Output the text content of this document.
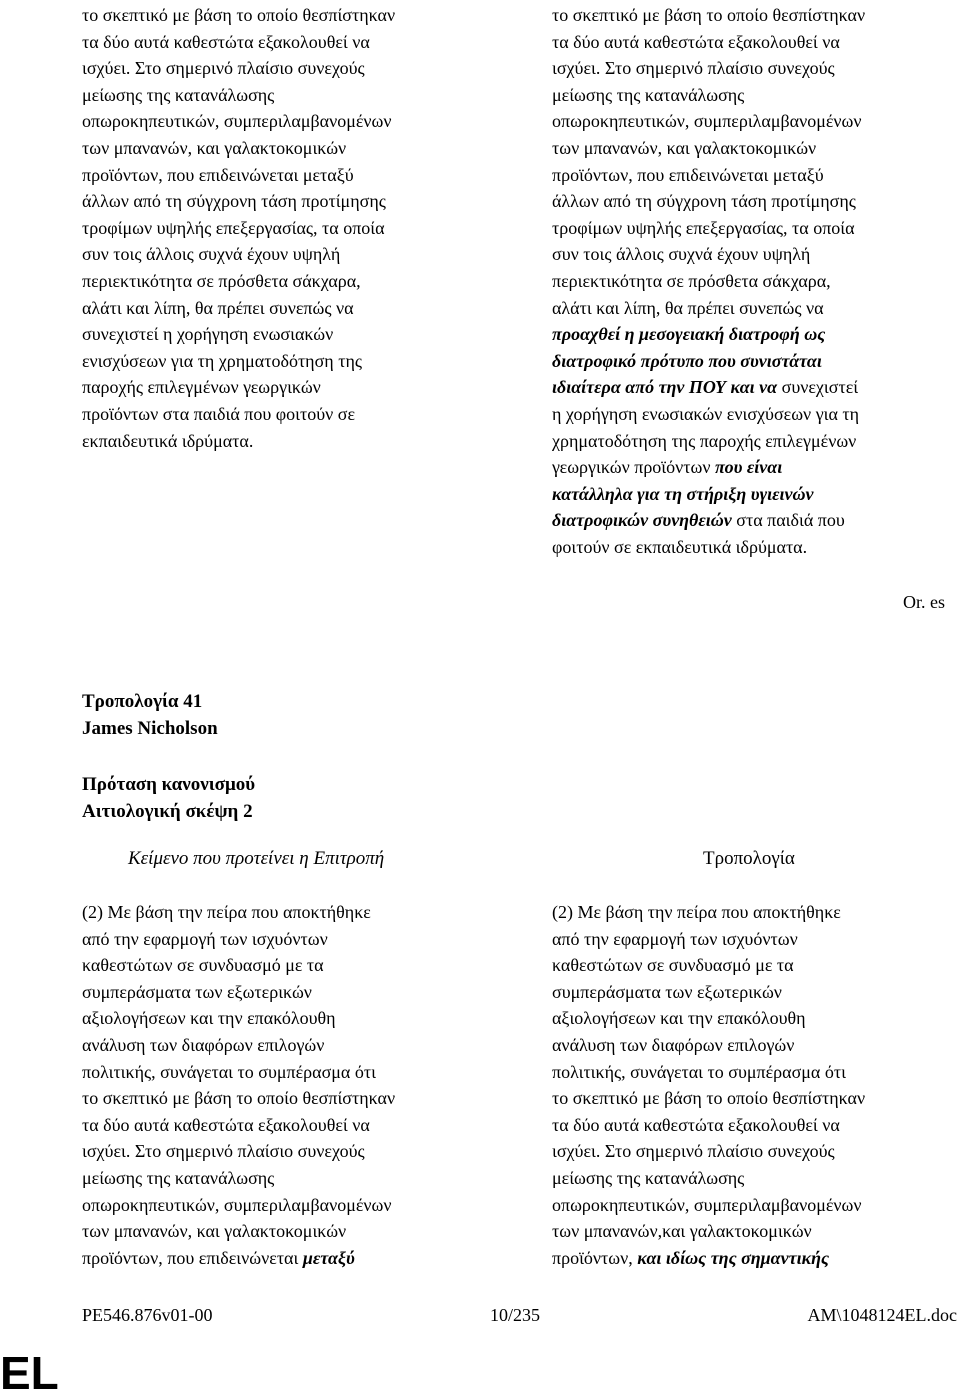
το σκεπτικό με βάση το οποίο θεσπίστηκαν
τα δύο αυτά καθεστώτα εξακολουθεί να
ισχύει. Στο σημερινό πλαίσιο συνεχούς
μείωσης της κατανάλωσης
οπωροκηπευτικών, συμπεριλαμβανομένων
των μπανανών, και γαλακτοκομικών
προϊόντων, που επιδεινώνεται μεταξύ
άλλων από τη σύγχρονη τάση προτίμησης
τροφίμων υψηλής επεξεργασίας, τα οποία
συν τοις άλλοις συχνά έχουν υψηλή
περιεκτικότητα σε πρόσθετα σάκχαρα,
αλάτι και λίπη, θα πρέπει συνεπώς να
συνεχιστεί η χορήγηση ενωσιακών
ενισχύσεων για τη χρηματοδότηση της
παροχής επιλεγμένων γεωργικών
προϊόντων στα παιδιά που φοιτούν σε
εκπαιδευτικά ιδρύματα.
το σκεπτικό με βάση το οποίο θεσπίστηκαν
τα δύο αυτά καθεστώτα εξακολουθεί να
ισχύει. Στο σημερινό πλαίσιο συνεχούς
μείωσης της κατανάλωσης
οπωροκηπευτικών, συμπεριλαμβανομένων
των μπανανών, και γαλακτοκομικών
προϊόντων, που επιδεινώνεται μεταξύ
άλλων από τη σύγχρονη τάση προτίμησης
τροφίμων υψηλής επεξεργασίας, τα οποία
συν τοις άλλοις συχνά έχουν υψηλή
περιεκτικότητα σε πρόσθετα σάκχαρα,
αλάτι και λίπη, θα πρέπει συνεπώς να
προαχθεί η μεσογειακή διατροφή ως
διατροφικό πρότυπο που συνιστάται
ιδιαίτερα από την ΠΟΥ και να συνεχιστεί
η χορήγηση ενωσιακών ενισχύσεων για τη
χρηματοδότηση της παροχής επιλεγμένων
γεωργικών προϊόντων που είναι
κατάλληλα για τη στήριξη υγιεινών
διατροφικών συνηθειών στα παιδιά που
φοιτούν σε εκπαιδευτικά ιδρύματα.
Or. es
Τροπολογία 41
James Nicholson
Πρόταση κανονισμού
Αιτιολογική σκέψη 2
Κείμενο που προτείνει η Επιτροπή	Τροπολογία
(2) Με βάση την πείρα που αποκτήθηκε
από την εφαρμογή των ισχυόντων
καθεστώτων σε συνδυασμό με τα
συμπεράσματα των εξωτερικών
αξιολογήσεων και την επακόλουθη
ανάλυση των διαφόρων επιλογών
πολιτικής, συνάγεται το συμπέρασμα ότι
το σκεπτικό με βάση το οποίο θεσπίστηκαν
τα δύο αυτά καθεστώτα εξακολουθεί να
ισχύει. Στο σημερινό πλαίσιο συνεχούς
μείωσης της κατανάλωσης
οπωροκηπευτικών, συμπεριλαμβανομένων
των μπανανών, και γαλακτοκομικών
προϊόντων, που επιδεινώνεται μεταξύ
(2) Με βάση την πείρα που αποκτήθηκε
από την εφαρμογή των ισχυόντων
καθεστώτων σε συνδυασμό με τα
συμπεράσματα των εξωτερικών
αξιολογήσεων και την επακόλουθη
ανάλυση των διαφόρων επιλογών
πολιτικής, συνάγεται το συμπέρασμα ότι
το σκεπτικό με βάση το οποίο θεσπίστηκαν
τα δύο αυτά καθεστώτα εξακολουθεί να
ισχύει. Στο σημερινό πλαίσιο συνεχούς
μείωσης της κατανάλωσης
οπωροκηπευτικών, συμπεριλαμβανομένων
των μπανανών,και γαλακτοκομικών
προϊόντων, και ιδίως της σημαντικής
PE546.876v01-00	10/235	AM\1048124EL.doc
EL
